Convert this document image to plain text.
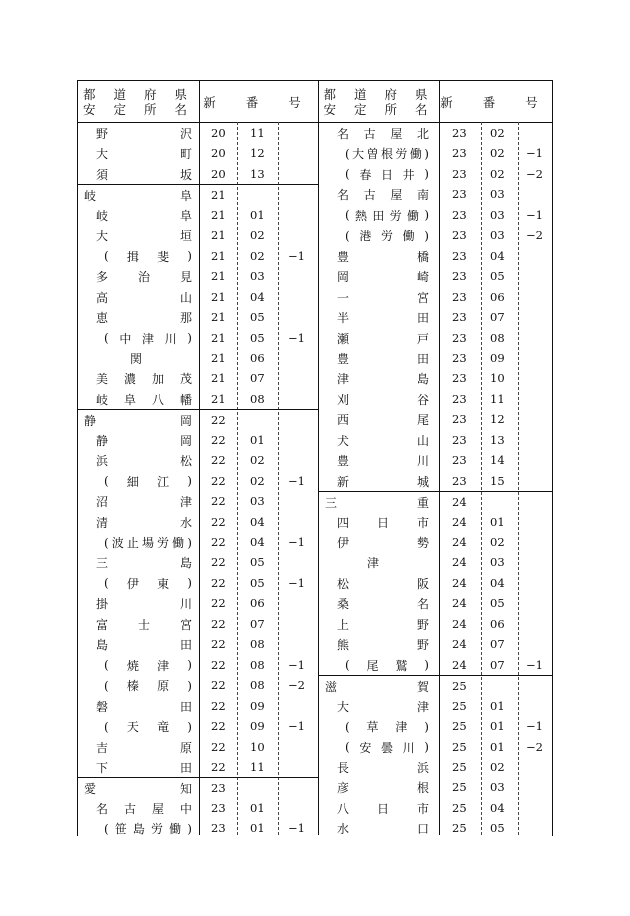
都 道 府 県
安 定 所 名 新 番 号
野	沢 20 11
大	町 20 12
須	坂 20 13
岐	阜 21
岐	阜 21 01
大	垣 21 02
( 揖 斐 ) 21 02 −1
多 治 見 21 03
高	山 21 04
恵	那 21 05
( 中 津 川 ) 21 05 −1
関	21 06
美 濃 加 茂 21 07
岐 阜 八 幡 21 08
静	岡 22
静	岡 22 01
浜	松 22 02
( 細 江 ) 22 02 −1
沼	津 22 03
清	水 22 04
( 波 止 場 労 働 ) 22 04 −1
三	島 22 05
( 伊 東 ) 22 05 −1
掛	川 22 06
富 士 宮 22 07
島	田 22 08
( 焼 津 ) 22 08 −1
( 榛 原 ) 22 08 −2
磐	田 22 09
( 天 竜 ) 22 09 −1
吉	原 22 10
下	田 22 11
愛	知 23
名 古 屋 中 23 01
( 笹 島 労 働 ) 23 01 −1
都 道 府 県
安 定 所 名 新 番 号
名 古 屋 北 23 02
( 大 曽 根 労 働 ) 23 02 −1
( 春 日 井 ) 23 02 −2
名 古 屋 南 23 03
( 熱 田 労 働 ) 23 03 −1
( 港 労 働 ) 23 03 −2
豊	橋 23 04
岡	崎 23 05
一	宮 23 06
半	田 23 07
瀬	戸 23 08
豊	田 23 09
津	島 23 10
刈	谷 23 11
西	尾 23 12
犬	山 23 13
豊	川 23 14
新	城 23 15
三	重 24
四 日 市 24 01
伊	勢 24 02
津	24 03
松	阪 24 04
桑	名 24 05
上	野 24 06
熊	野 24 07
( 尾 鷲 ) 24 07 −1
滋	賀 25
大	津 25 01
( 草 津 ) 25 01 −1
( 安 曇 川 ) 25 01 −2
長	浜 25 02
彦	根 25 03
八 日 市 25 04
水	口 25 05
